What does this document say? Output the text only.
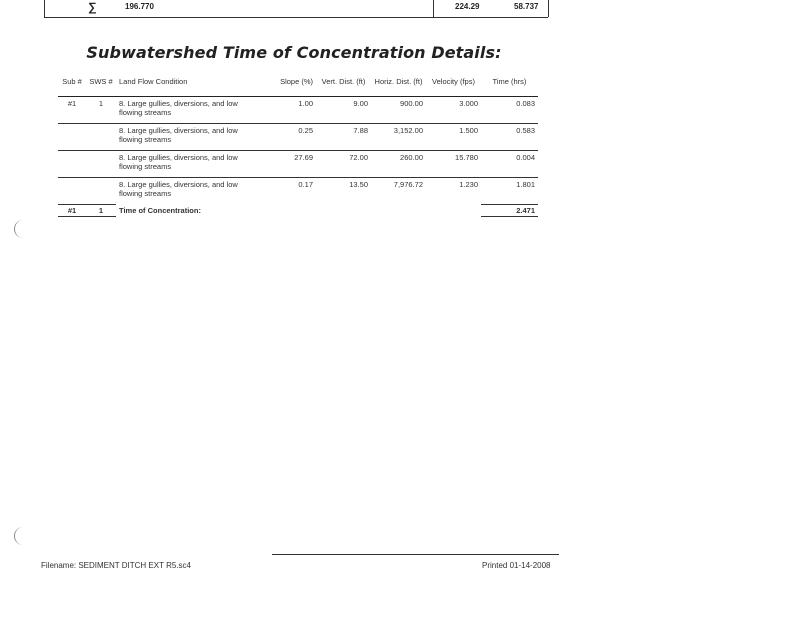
∑	196.770	224.29	58.737
Subwatershed Time of Concentration Details:
Sub #	SWS #	Land Flow Condition	Slope (%)	Vert. Dist. (ft)	Horiz. Dist. (ft)	Velocity (fps)	Time (hrs)
#1	1	8. Large gullies, diversions, and low flowing streams	1.00	9.00	900.00	3.000	0.083
		8. Large gullies, diversions, and low flowing streams	0.25	7.88	3,152.00	1.500	0.583
		8. Large gullies, diversions, and low flowing streams	27.69	72.00	260.00	15.780	0.004
		8. Large gullies, diversions, and low flowing streams	0.17	13.50	7,976.72	1.230	1.801
#1	1	Time of Concentration:					2.471
Filename: SEDIMENT DITCH EXT R5.sc4	Printed 01-14-2008
